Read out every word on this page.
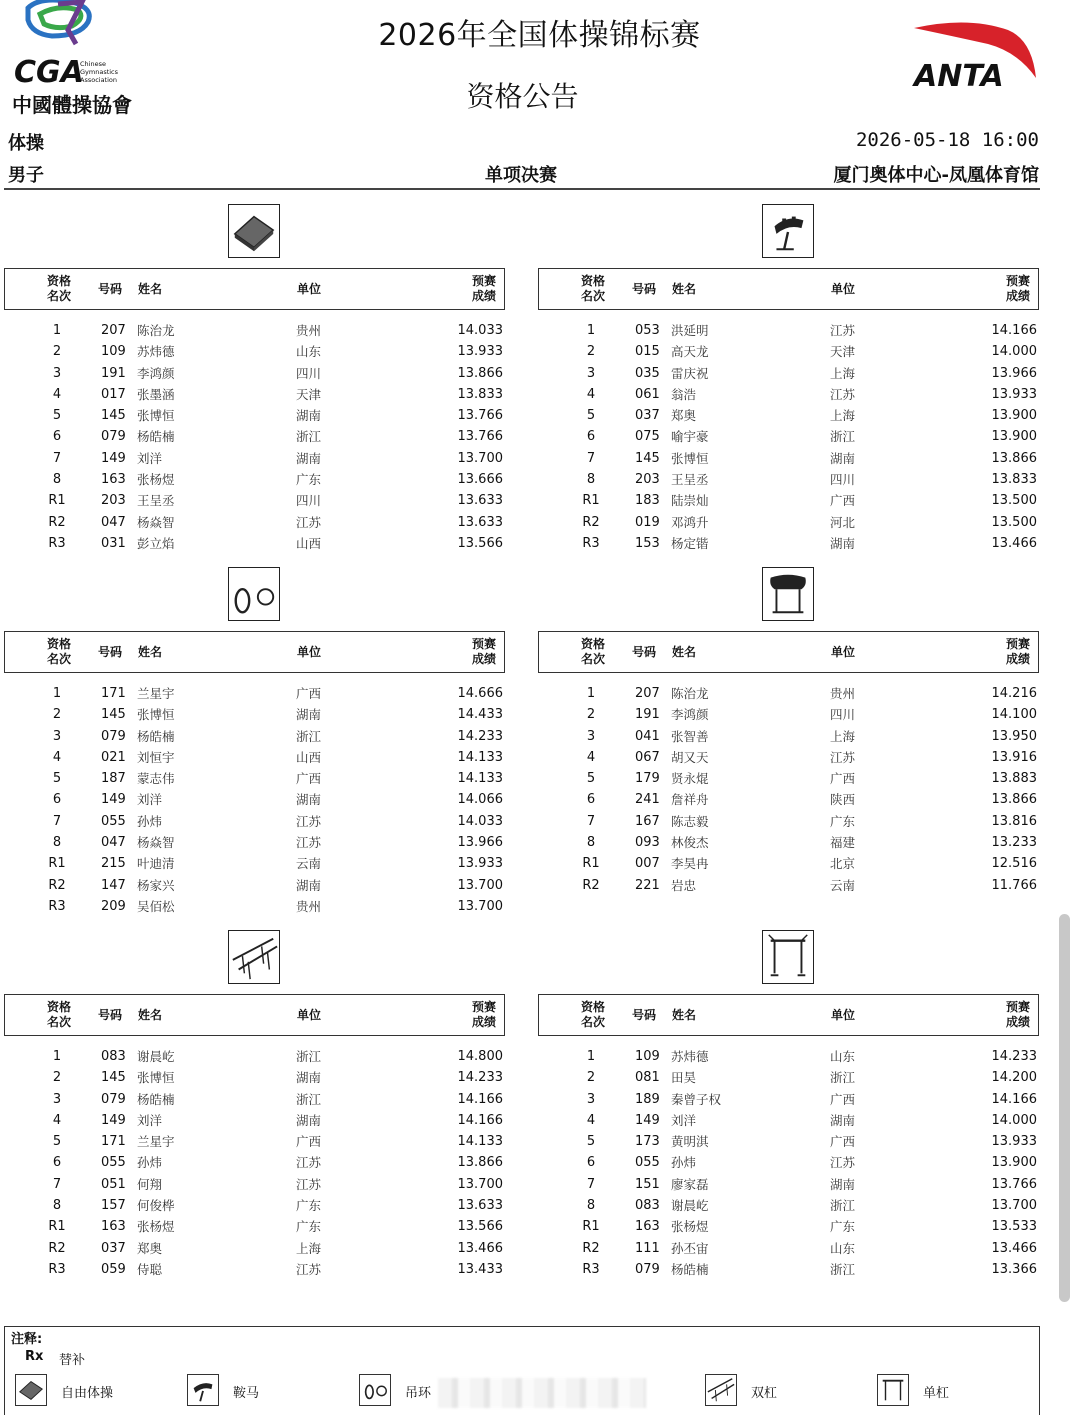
CGA
Chinese
Gymnastics
Association
中國體操協會
2026年全国体操锦标赛
资格公告
ANTA
体操	2026-05-18 16:00
男子	单项决赛	厦门奥体中心-凤凰体育馆
资格名次	号码 姓名	单位
预赛成绩
1	207 陈治龙	贵州	14.033
2	109 苏炜德	山东	13.933
3	191 李鸿颜	四川	13.866
4	017 张墨涵	天津	13.833
5	145 张博恒	湖南	13.766
6	079 杨皓楠	浙江	13.766
7	149 刘洋	湖南	13.700
8	163 张杨煜	广东	13.666
R1	203 王呈丞	四川	13.633
R2	047 杨焱智	江苏	13.633
R3	031 彭立焰	山西	13.566
资格名次	号码 姓名	单位
预赛成绩
1	053 洪延明	江苏	14.166
2	015 高天龙	天津	14.000
3	035 雷庆祝	上海	13.966
4	061 翁浩	江苏	13.933
5	037 郑奥	上海	13.900
6	075 喻宇豪	浙江	13.900
7	145 张博恒	湖南	13.866
8	203 王呈丞	四川	13.833
R1	183 陆崇灿	广西	13.500
R2	019 邓鸿升	河北	13.500
R3	153 杨定锴	湖南	13.466
资格名次	号码 姓名	单位
预赛成绩
1	171 兰星宇	广西	14.666
2	145 张博恒	湖南	14.433
3	079 杨皓楠	浙江	14.233
4	021 刘恒宇	山西	14.133
5	187 蒙志伟	广西	14.133
6	149 刘洋	湖南	14.066
7	055 孙炜	江苏	14.033
8	047 杨焱智	江苏	13.966
R1	215 叶迪清	云南	13.933
R2	147 杨家兴	湖南	13.700
R3	209 吴佰松	贵州	13.700
资格名次	号码 姓名	单位
预赛成绩
1	207 陈治龙	贵州	14.216
2	191 李鸿颜	四川	14.100
3	041 张智善	上海	13.950
4	067 胡又天	江苏	13.916
5	179 贤永焜	广西	13.883
6	241 詹祥舟	陕西	13.866
7	167 陈志毅	广东	13.816
8	093 林俊杰	福建	13.233
R1	007 李昊冉	北京	12.516
R2	221 岩忠	云南	11.766
资格名次	号码 姓名	单位
预赛成绩
1	083 谢晨屹	浙江	14.800
2	145 张博恒	湖南	14.233
3	079 杨皓楠	浙江	14.166
4	149 刘洋	湖南	14.166
5	171 兰星宇	广西	14.133
6	055 孙炜	江苏	13.866
7	051 何翔	江苏	13.700
8	157 何俊桦	广东	13.633
R1	163 张杨煜	广东	13.566
R2	037 郑奥	上海	13.466
R3	059 侍聪	江苏	13.433
资格名次	号码 姓名	单位
预赛成绩
1	109 苏炜德	山东	14.233
2	081 田昊	浙江	14.200
3	189 秦曾子权	广西	14.166
4	149 刘洋	湖南	14.000
5	173 黄明淇	广西	13.933
6	055 孙炜	江苏	13.900
7	151 廖家磊	湖南	13.766
8	083 谢晨屹	浙江	13.700
R1	163 张杨煜	广东	13.533
R2	111 孙丕宙	山东	13.466
R3	079 杨皓楠	浙江	13.366
注释:
Rx 替补
自由体操	鞍马	吊环	双杠	单杠
